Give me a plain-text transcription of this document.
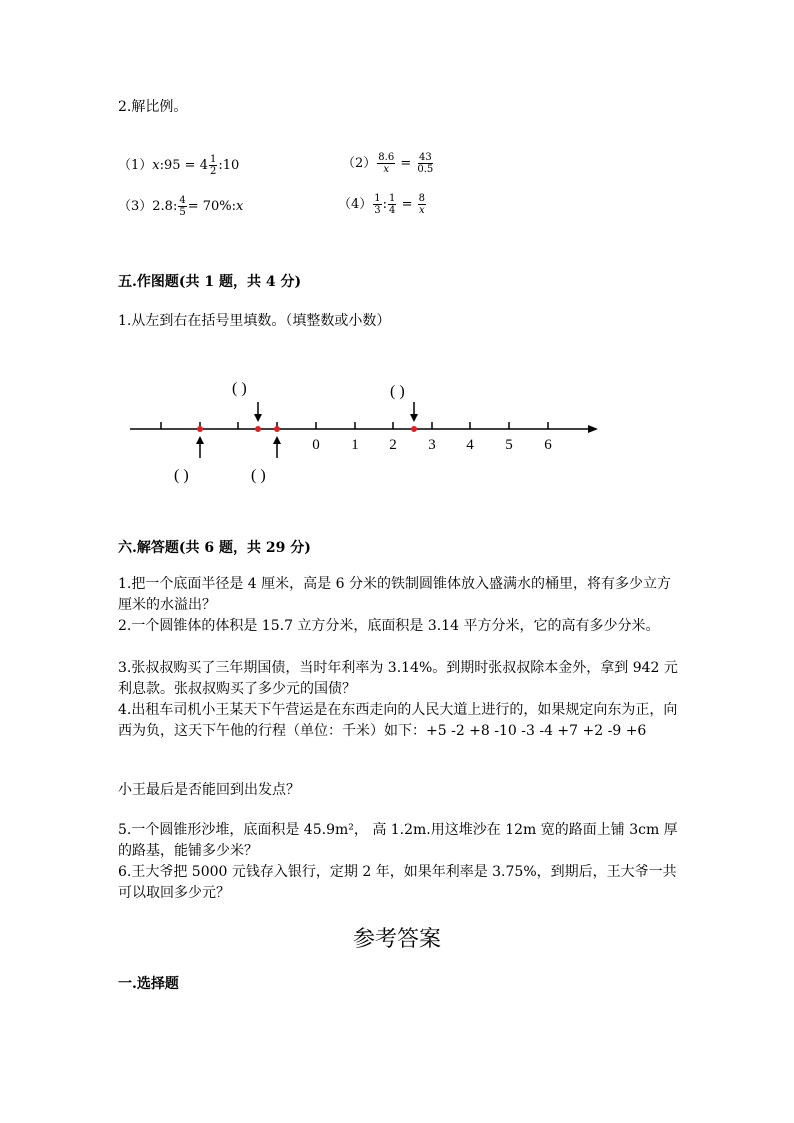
2.解比例。
（1）x:95 = $4 \frac{1}{2}$ :10	$(2) \frac{8.6}{x} = \frac{43}{0.5}$
（3）2.8: $\frac{4}{5}$ = 70%:x	$(4) \frac{1}{3}$ : $\frac{1}{4} = \frac{8}{x}$
五.作图题(共 1 题，共 4 分)
1.从左到右在括号里填数。（填整数或小数）
0 1 2 3 4 5 6
( )	( )
( )	( )
六.解答题(共 6 题，共 29 分)
1.把一个底面半径是 4 厘米，高是 6 分米的铁制圆锥体放入盛满水的桶里，将有多少立方厘米的水溢出？
2.一个圆锥体的体积是 15.7 立方分米，底面积是 3.14 平方分米，它的高有多少分米。
3.张叔叔购买了三年期国债，当时年利率为 3.14%。到期时张叔叔除本金外，拿到 942 元利息款。张叔叔购买了多少元的国债？
4.出租车司机小王某天下午营运是在东西走向的人民大道上进行的，如果规定向东为正，向西为负，这天下午他的行程（单位：千米）如下：+5 -2 +8 -10 -3 -4 +7 +2 -9 +6
小王最后是否能回到出发点？
5.一个圆锥形沙堆，底面积是 45.9m²， 高 1.2m.用这堆沙在 12m 宽的路面上铺 3cm 厚的路基，能铺多少米？
6.王大爷把 5000 元钱存入银行，定期 2 年，如果年利率是 3.75%，到期后，王大爷一共可以取回多少元？
参考答案
一.选择题
